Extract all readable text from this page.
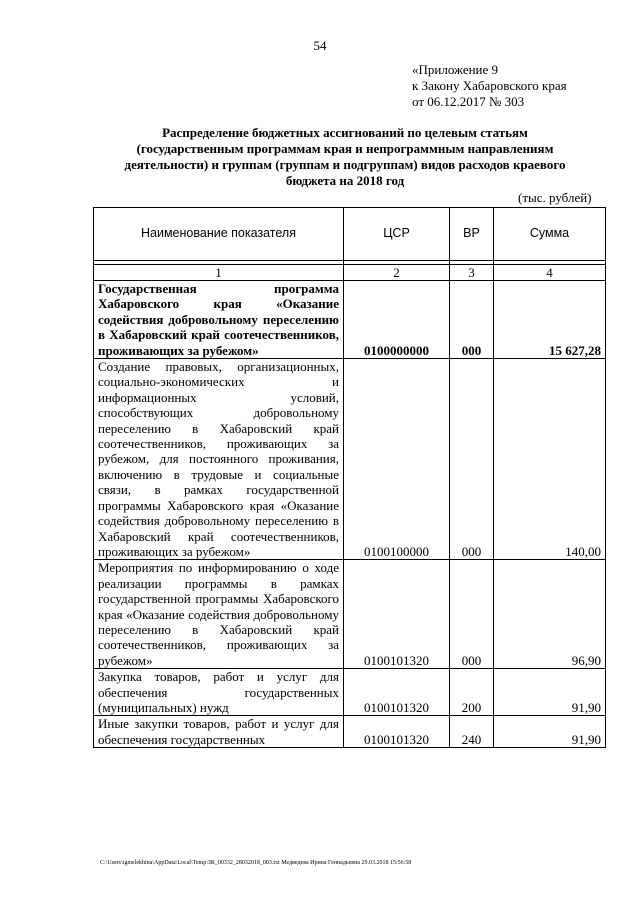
54
«Приложение 9
к Закону Хабаровского края
от 06.12.2017 № 303
Распределение бюджетных ассигнований по целевым статьям (государственным программам края и непрограммным направлениям деятельности) и группам (группам и подгруппам) видов расходов краевого бюджета на 2018 год
(тыс. рублей)
Наименование показателя	ЦСР	ВР	Сумма

1	2	3	4
Государственная программа Хабаровского края «Оказание содействия добровольному переселению в Хабаровский край соотечественников, проживающих за рубежом»	0100000000	000	15 627,28
Создание правовых, организационных, социально-экономических и информационных условий, способствующих добровольному переселению в Хабаровский край соотечественников, проживающих за рубежом, для постоянного проживания, включению в трудовые и социальные связи, в рамках государственной программы Хабаровского края «Оказание содействия добровольному переселению в Хабаровский край соотечественников, проживающих за рубежом»	0100100000	000	140,00
Мероприятия по информированию о ходе реализации программы в рамках государственной программы Хабаровского края «Оказание содействия добровольному переселению в Хабаровский край соотечественников, проживающих за рубежом»	0100101320	000	96,90
Закупка товаров, работ и услуг для обеспечения государственных (муниципальных) нужд	0100101320	200	91,90
Иные закупки товаров, работ и услуг для обеспечения государственных	0100101320	240	91,90
C:\Users\igmelekhina\AppData\Local\Temp\ЗК_00332_28032018_003.txt Медведева Ирина Геннадьевна 29.03.2018 15:56:58
